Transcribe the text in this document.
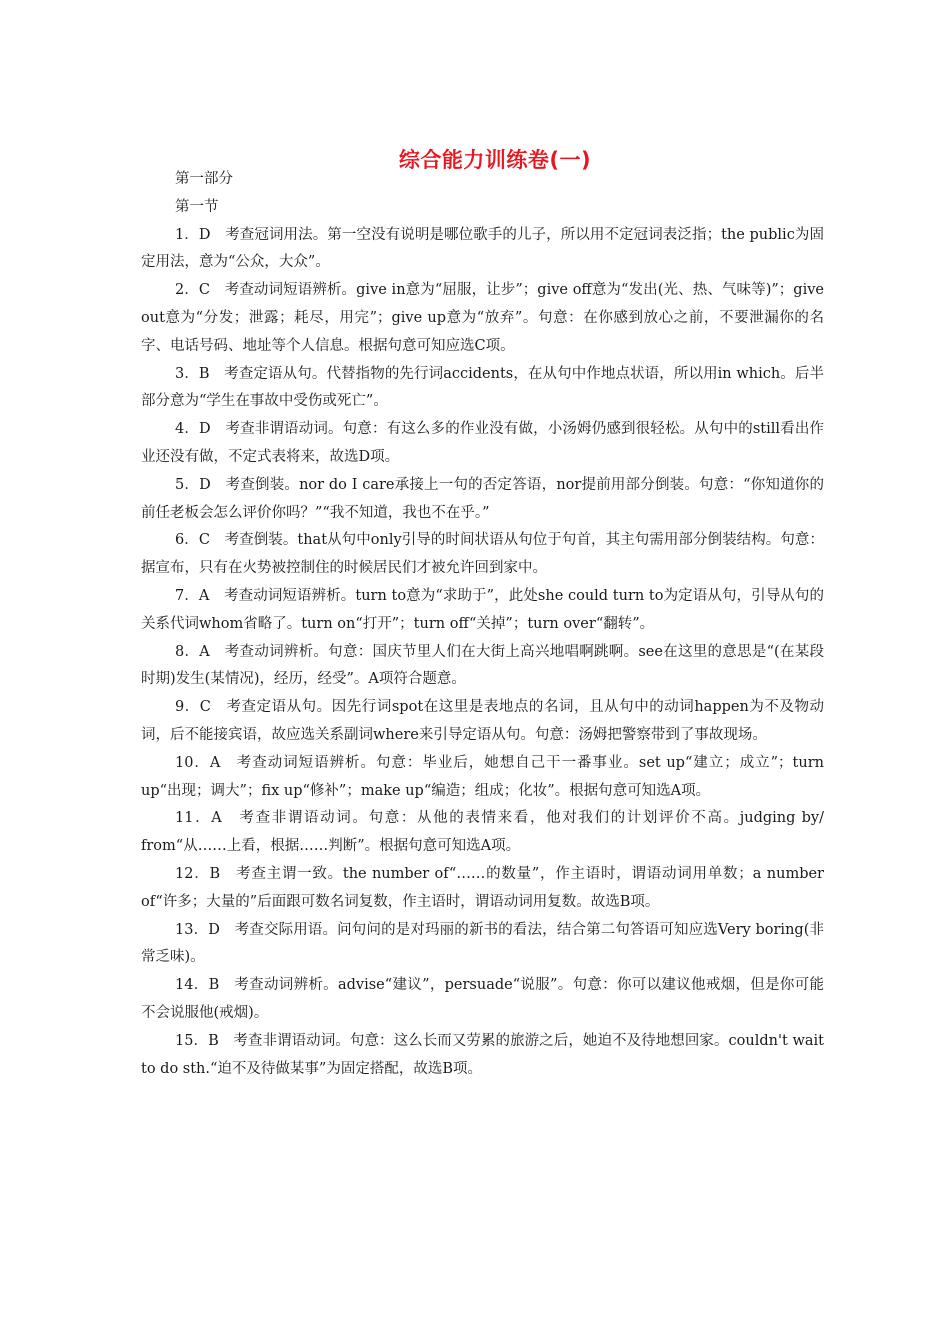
综合能力训练卷(一)

第一部分

第一节

1．D　考查冠词用法。第一空没有说明是哪位歌手的儿子，所以用不定冠词表泛指；the public为固定用法，意为“公众，大众”。

2．C　考查动词短语辨析。give in意为“屈服，让步”；give off意为“发出(光、热、气味等)”；give out意为“分发；泄露；耗尽，用完”；give up意为“放弃”。句意：在你感到放心之前，不要泄漏你的名字、电话号码、地址等个人信息。根据句意可知应选C项。

3．B　考查定语从句。代替指物的先行词accidents，在从句中作地点状语，所以用in which。后半部分意为“学生在事故中受伤或死亡”。

4．D　考查非谓语动词。句意：有这么多的作业没有做，小汤姆仍感到很轻松。从句中的still看出作业还没有做，不定式表将来，故选D项。

5．D　考查倒装。nor do I care承接上一句的否定答语，nor提前用部分倒装。句意：“你知道你的前任老板会怎么评价你吗？”“我不知道，我也不在乎。”

6．C　考查倒装。that从句中only引导的时间状语从句位于句首，其主句需用部分倒装结构。句意：据宣布，只有在火势被控制住的时候居民们才被允许回到家中。

7．A　考查动词短语辨析。turn to意为“求助于”，此处she could turn to为定语从句，引导从句的关系代词whom省略了。turn on“打开”；turn off“关掉”；turn over“翻转”。

8．A　考查动词辨析。句意：国庆节里人们在大街上高兴地唱啊跳啊。see在这里的意思是“(在某段时期)发生(某情况)，经历，经受”。A项符合题意。

9．C　考查定语从句。因先行词spot在这里是表地点的名词，且从句中的动词happen为不及物动词，后不能接宾语，故应选关系副词where来引导定语从句。句意：汤姆把警察带到了事故现场。

10．A　考查动词短语辨析。句意：毕业后，她想自己干一番事业。set up“建立；成立”；turn up“出现；调大”；fix up“修补”；make up“编造；组成；化妆”。根据句意可知选A项。

11．A　考查非谓语动词。句意：从他的表情来看，他对我们的计划评价不高。judging by/ from“从……上看，根据……判断”。根据句意可知选A项。

12．B　考查主谓一致。the number of“……的数量”，作主语时，谓语动词用单数；a number of“许多；大量的”后面跟可数名词复数，作主语时，谓语动词用复数。故选B项。

13．D　考查交际用语。问句问的是对玛丽的新书的看法，结合第二句答语可知应选Very boring(非常乏味)。

14．B　考查动词辨析。advise“建议”，persuade“说服”。句意：你可以建议他戒烟，但是你可能不会说服他(戒烟)。

15．B　考查非谓语动词。句意：这么长而又劳累的旅游之后，她迫不及待地想回家。couldn't wait to do sth.“迫不及待做某事”为固定搭配，故选B项。
